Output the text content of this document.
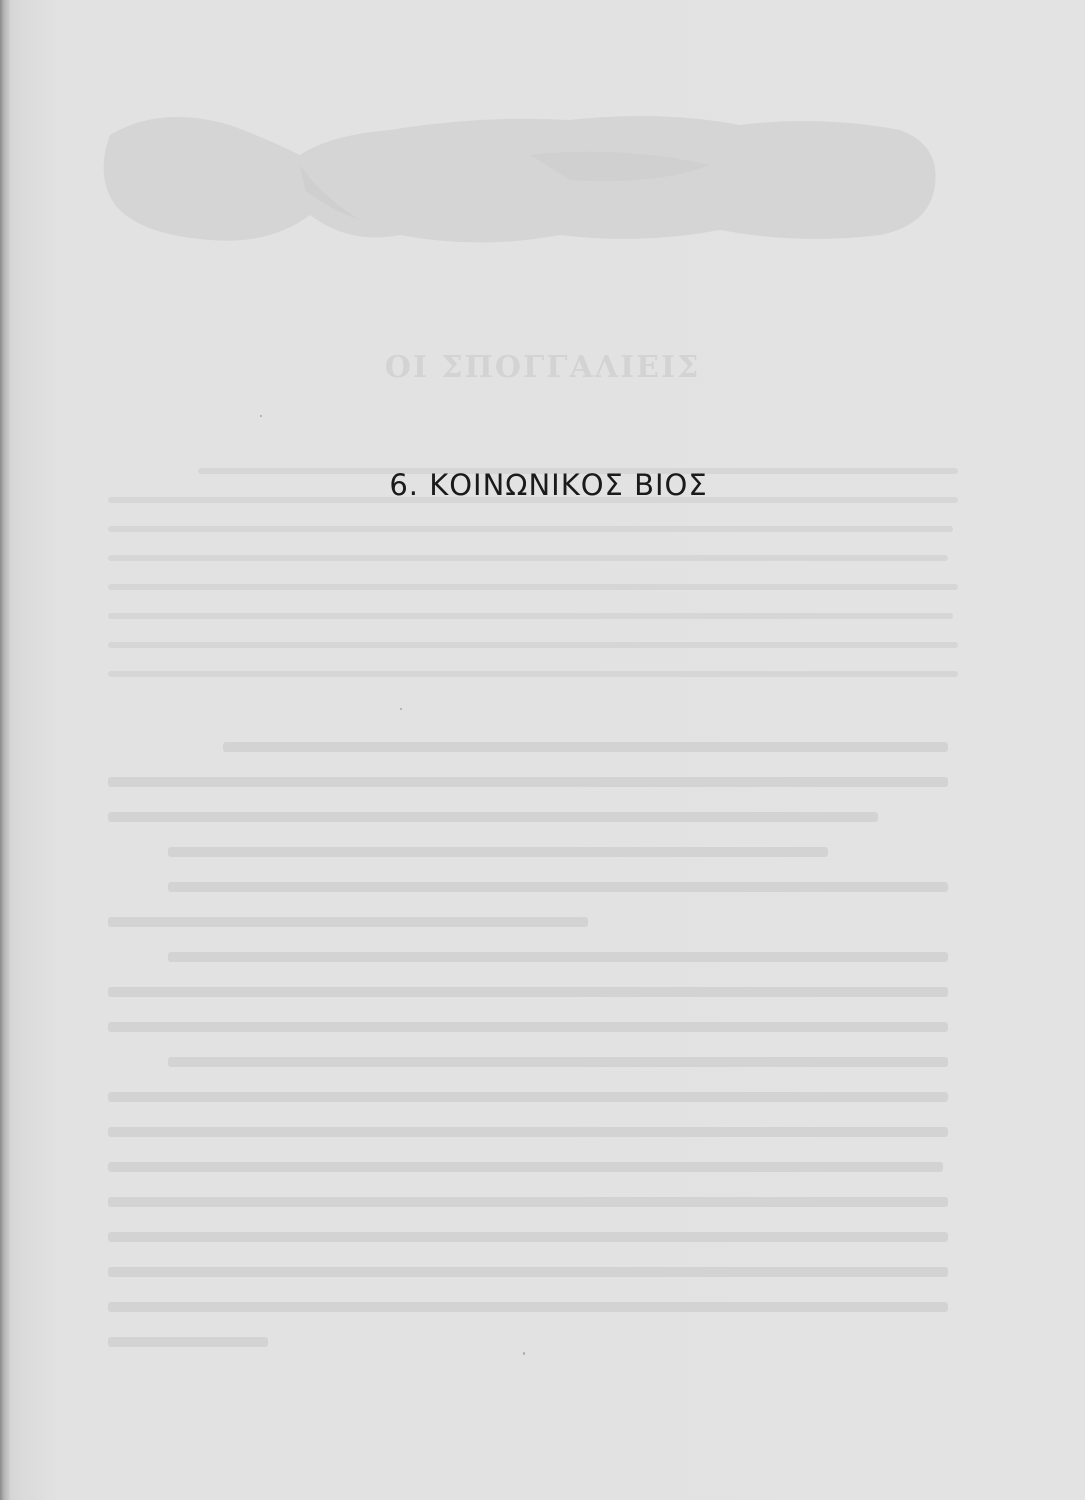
ΟΙ ΣΠΟΓΓΑΛΙΕΙΣ
6. ΚΟΙΝΩΝΙΚΟΣ ΒΙΟΣ
